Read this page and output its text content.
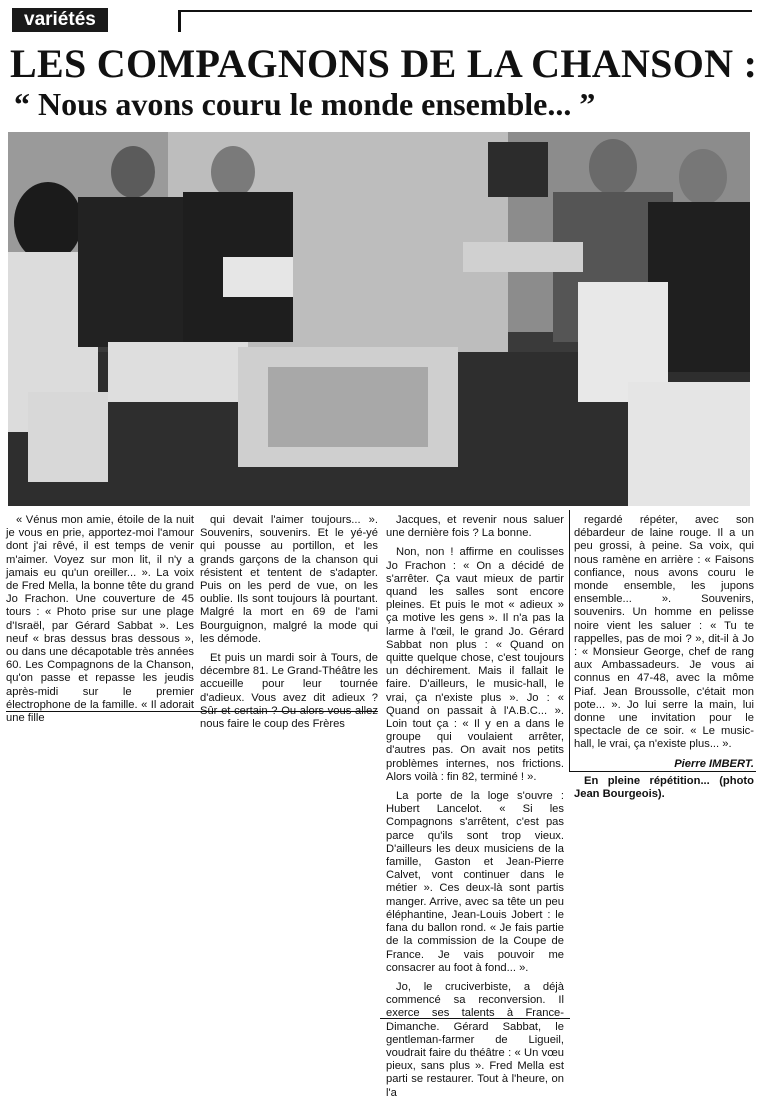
variétés
LES COMPAGNONS DE LA CHANSON :
“ Nous avons couru le monde ensemble... ”

« Vénus mon amie, étoile de la nuit je vous en prie, apportez-moi l'amour dont j'ai rêvé, il est temps de venir m'aimer. Voyez sur mon lit, il n'y a jamais eu qu'un oreiller... ». La voix de Fred Mella, la bonne tête du grand Jo Frachon. Une couverture de 45 tours : « Photo prise sur une plage d'Israël, par Gérard Sabbat ». Les neuf « bras dessus bras dessous », ou dans une décapotable très années 60. Les Compagnons de la Chanson, qu'on passe et repasse les jeudis après-midi sur le premier électrophone de la famille. « Il adorait une fille

qui devait l'aimer toujours... ». Souvenirs, souvenirs. Et le yé-yé qui pousse au portillon, et les grands garçons de la chanson qui résistent et tentent de s'adapter. Puis on les perd de vue, on les oublie. Ils sont toujours là pourtant. Malgré la mort en 69 de l'ami Bourguignon, malgré la mode qui les démode.

Et puis un mardi soir à Tours, de décembre 81. Le Grand-Théâtre les accueille pour leur tournée d'adieux. Vous avez dit adieux ? Sûr et certain ? Ou alors vous allez nous faire le coup des Frères

Jacques, et revenir nous saluer une dernière fois ? La bonne.

Non, non ! affirme en coulisses Jo Frachon : « On a décidé de s'arrêter. Ça vaut mieux de partir quand les salles sont encore pleines. Et puis le mot « adieux » ça motive les gens ». Il n'a pas la larme à l'œil, le grand Jo. Gérard Sabbat non plus : « Quand on quitte quelque chose, c'est toujours un déchirement. Mais il fallait le faire. D'ailleurs, le music-hall, le vrai, ça n'existe plus ». Jo : « Quand on passait à l'A.B.C... ». Loin tout ça : « Il y en a dans le groupe qui voulaient arrêter, d'autres pas. On avait nos petits problèmes internes, nos frictions. Alors voilà : fin 82, terminé ! ».

La porte de la loge s'ouvre : Hubert Lancelot. « Si les Compagnons s'arrêtent, c'est pas parce qu'ils sont trop vieux. D'ailleurs les deux musiciens de la famille, Gaston et Jean-Pierre Calvet, vont continuer dans le métier ». Ces deux-là sont partis manger. Arrive, avec sa tête un peu éléphantine, Jean-Louis Jobert : le fana du ballon rond. « Je fais partie de la commission de la Coupe de France. Je vais pouvoir me consacrer au foot à fond... ».

Jo, le cruciverbiste, a déjà commencé sa reconversion. Il exerce ses talents à France-Dimanche. Gérard Sabbat, le gentleman-farmer de Ligueil, voudrait faire du théâtre : « Un vœu pieux, sans plus ». Fred Mella est parti se restaurer. Tout à l'heure, on l'a

regardé répéter, avec son débardeur de laine rouge. Il a un peu grossi, à peine. Sa voix, qui nous ramène en arrière : « Faisons confiance, nous avons couru le monde ensemble, les jupons ensemble... ». Souvenirs, souvenirs. Un homme en pelisse noire vient les saluer : « Tu te rappelles, pas de moi ? », dit-il à Jo : « Monsieur George, chef de rang aux Ambassadeurs. Je vous ai connus en 47-48, avec la môme Piaf. Jean Broussolle, c'était mon pote... ». Jo lui serre la main, lui donne une invitation pour le spectacle de ce soir. « Le music-hall, le vrai, ça n'existe plus... ».

Pierre IMBERT.

En pleine répétition... (photo Jean Bourgeois).
